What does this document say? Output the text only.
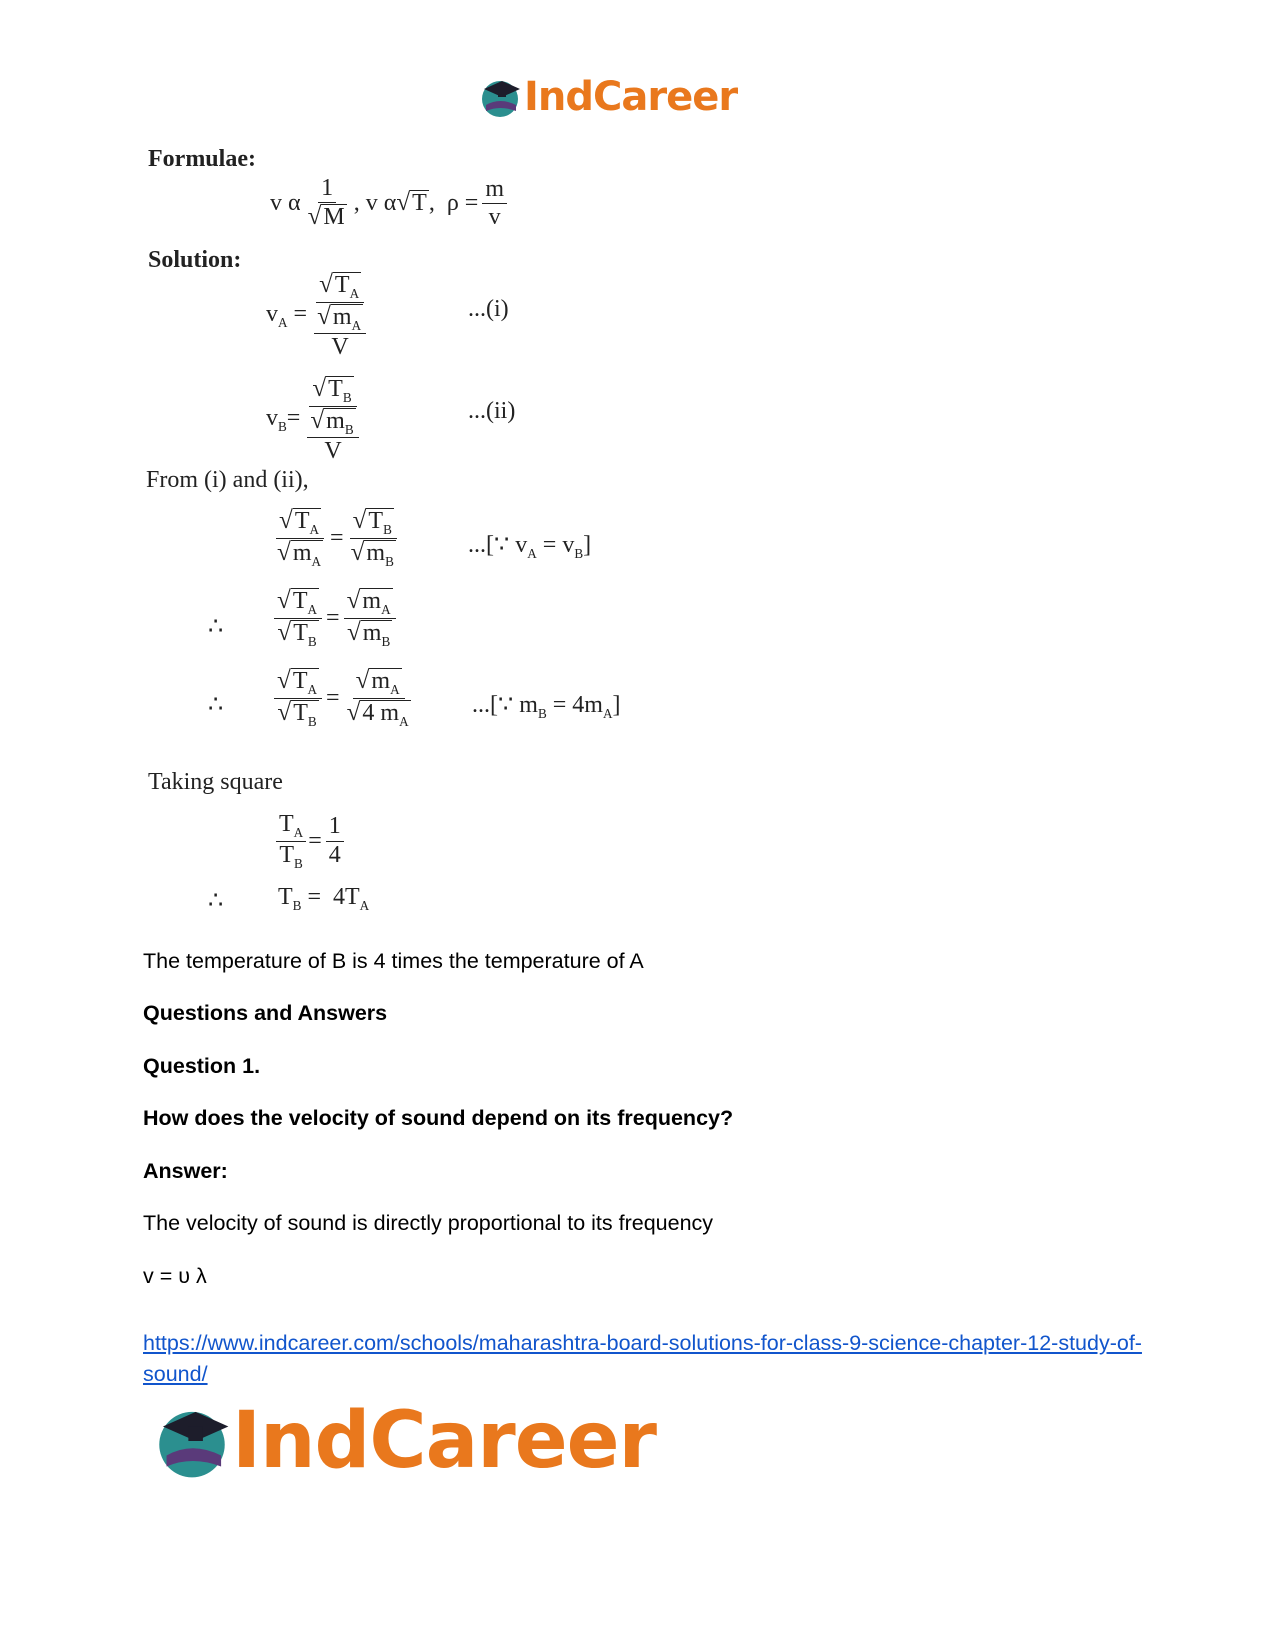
IndCareer
Formulae:
v α $\frac{1}{√ M}$ , v α √ T ,  $\rho = \frac{m}{v}$
Solution:
$v_A = \frac{√ T_A}{\frac{√ m_A}{V}}$	...(i)
$v_B= \frac{√ T_B}{\frac{√ m_B}{V}}$	...(ii)
From (i) and (ii),
$\frac{√ T_A}{√ m_A} = \frac{√ T_B}{√ m_B}$	...[∵ $v_A = v_B$]
∴ $\frac{√ T_A}{√ T_B} = \frac{√ m_A}{√ m_B}$
∴ $\frac{√ T_A}{√ T_B} = \frac{√ m_A}{√ 4 m_A}$ ...[∵ $m_B = 4m_A$]
Taking square
$\frac{T_A}{T_B} = \frac{1}{4}$
∴ $T_B = 4T_A$
The temperature of B is 4 times the temperature of A
Questions and Answers
Question 1.
How does the velocity of sound depend on its frequency?
Answer:
The velocity of sound is directly proportional to its frequency
v = υ λ
https://www.indcareer.com/schools/maharashtra-board-solutions-for-class-9-science-chapter-12-study-of-sound/
IndCareer
